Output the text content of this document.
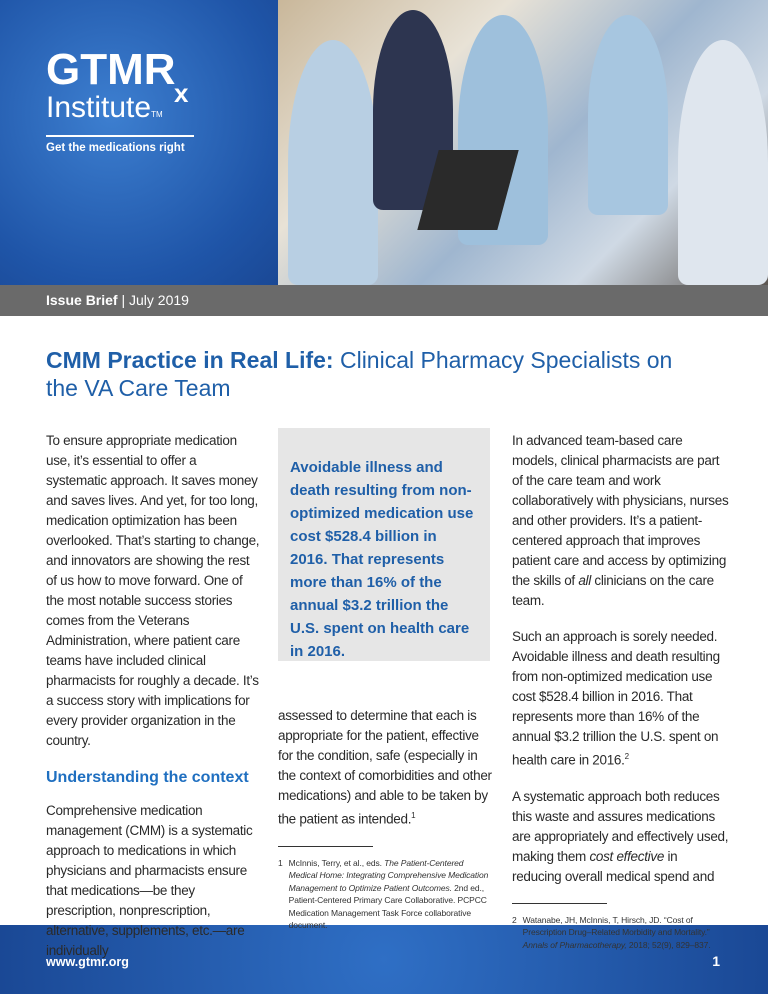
GTMR
x
InstituteTM
Get the medications right
Issue Brief | July 2019
CMM Practice in Real Life: Clinical Pharmacy Specialists on the VA Care Team

To ensure appropriate medication use, it’s essential to offer a systematic approach. It saves money and saves lives. And yet, for too long, medication optimization has been overlooked. That’s starting to change, and innovators are showing the rest of us how to move forward. One of the most notable success stories comes from the Veterans Administration, where patient care teams have included clinical pharmacists for roughly a decade. It’s a success story with implications for every provider organization in the country.

Understanding the context

Comprehensive medication management (CMM) is a systematic approach to medications in which physicians and pharmacists ensure that medications—be they prescription, nonprescription, alternative, supplements, etc.—are individually

Avoidable illness and death resulting from non-optimized medication use cost $528.4 billion in 2016. That represents more than 16% of the annual $3.2 trillion the U.S. spent on health care in 2016.

assessed to determine that each is appropriate for the patient, effective for the condition, safe (especially in the context of comorbidities and other medications) and able to be taken by the patient as intended.$^1$

1 McInnis, Terry, et al., eds. The Patient-Centered Medical Home: Integrating Comprehensive Medication Management to Optimize Patient Outcomes. 2nd ed., Patient-Centered Primary Care Collaborative. PCPCC Medication Management Task Force collaborative document.

In advanced team-based care models, clinical pharmacists are part of the care team and work collaboratively with physicians, nurses and other providers. It’s a patient-centered approach that improves patient care and access by optimizing the skills of all clinicians on the care team.

Such an approach is sorely needed. Avoidable illness and death resulting from non-optimized medication use cost $528.4 billion in 2016. That represents more than 16% of the annual $3.2 trillion the U.S. spent on health care in 2016.$^2$

A systematic approach both reduces this waste and assures medications are appropriately and effectively used, making them cost effective in reducing overall medical spend and

2 Watanabe, JH, McInnis, T, Hirsch, JD. “Cost of Prescription Drug–Related Morbidity and Mortality.” Annals of Pharmacotherapy, 2018; 52(9), 829–837.
www.gtmr.org	1
